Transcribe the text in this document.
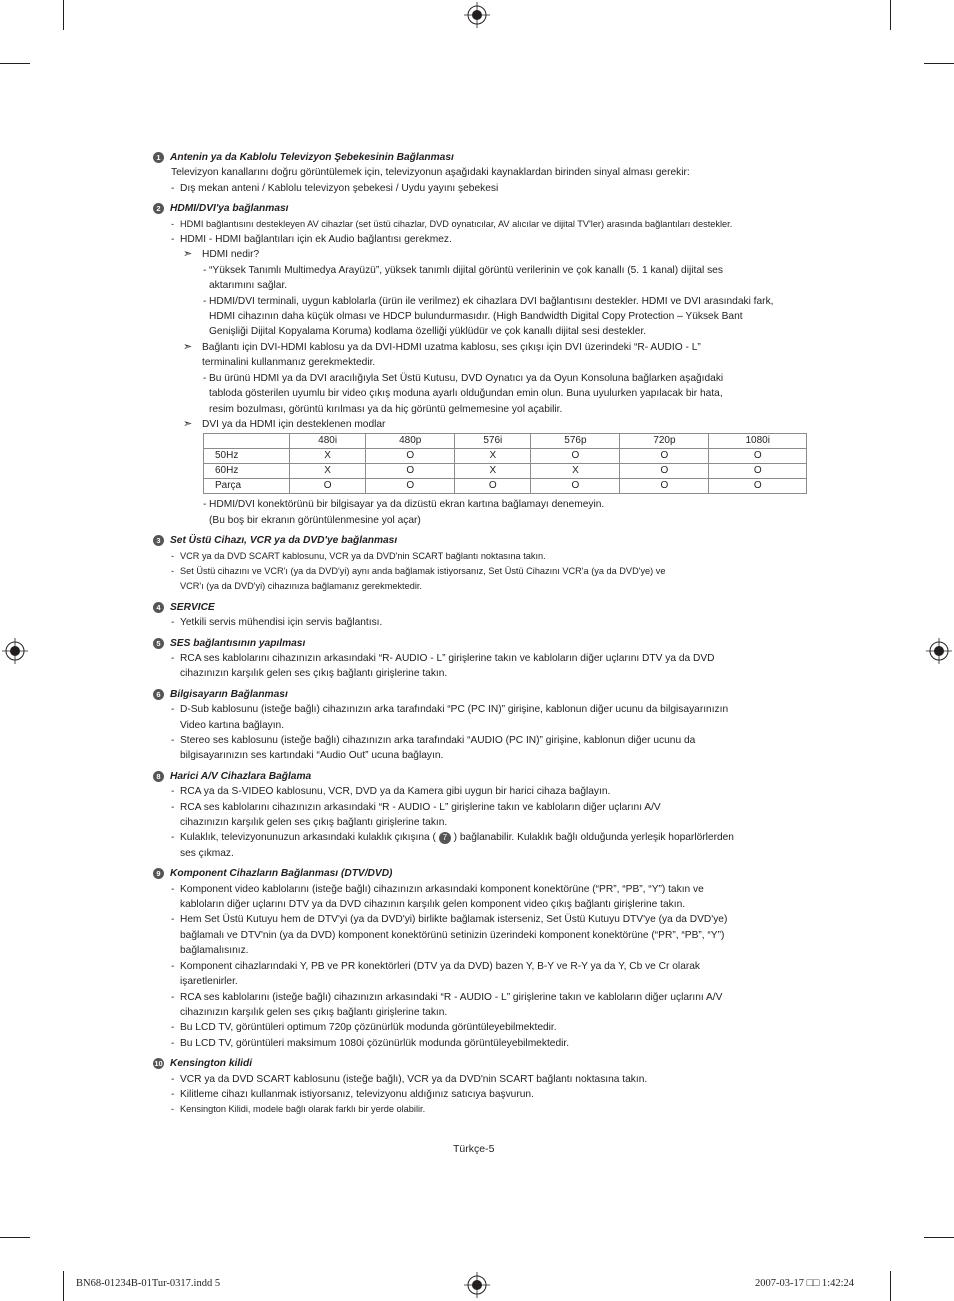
1 Antenin ya da Kablolu Televizyon Şebekesinin Bağlanması
Televizyon kanallarını doğru görüntülemek için, televizyonun aşağıdaki kaynaklardan birinden sinyal alması gerekir:
- Dış mekan anteni / Kablolu televizyon şebekesi / Uydu yayını şebekesi
2 HDMI/DVI'ya bağlanması
- HDMI bağlantısını destekleyen AV cihazlar (set üstü cihazlar, DVD oynatıcılar, AV alıcılar ve dijital TV'ler) arasında bağlantıları destekler.
- HDMI - HDMI bağlantıları için ek Audio bağlantısı gerekmez.
➣ HDMI nedir?
- “Yüksek Tanımlı Multimedya Arayüzü”, yüksek tanımlı dijital görüntü verilerinin ve çok kanallı (5. 1 kanal) dijital ses
aktarımını sağlar.
- HDMI/DVI terminali, uygun kablolarla (ürün ile verilmez) ek cihazlara DVI bağlantısını destekler. HDMI ve DVI arasındaki fark,
HDMI cihazının daha küçük olması ve HDCP bulundurmasıdır. (High Bandwidth Digital Copy Protection – Yüksek Bant
Genişliği Dijital Kopyalama Koruma) kodlama özelliği yüklüdür ve çok kanallı dijital sesi destekler.
➣ Bağlantı için DVI-HDMI kablosu ya da DVI-HDMI uzatma kablosu, ses çıkışı için DVI üzerindeki “R- AUDIO - L”
terminalini kullanmanız gerekmektedir.
- Bu ürünü HDMI ya da DVI aracılığıyla Set Üstü Kutusu, DVD Oynatıcı ya da Oyun Konsoluna bağlarken aşağıdaki
tabloda gösterilen uyumlu bir video çıkış moduna ayarlı olduğundan emin olun. Buna uyulurken yapılacak bir hata,
resim bozulması, görüntü kırılması ya da hiç görüntü gelmemesine yol açabilir.
➣ DVI ya da HDMI için desteklenen modlar
	480i	480p	576i	576p	720p	1080i
50Hz	X	O	X	O	O	O
60Hz	X	O	X	X	O	O
Parça	O	O	O	O	O	O
- HDMI/DVI konektörünü bir bilgisayar ya da dizüstü ekran kartına bağlamayı denemeyin.
(Bu boş bir ekranın görüntülenmesine yol açar)
3 Set Üstü Cihazı, VCR ya da DVD'ye bağlanması
- VCR ya da DVD SCART kablosunu, VCR ya da DVD'nin SCART bağlantı noktasına takın.
- Set Üstü cihazını ve VCR'ı (ya da DVD'yi) aynı anda bağlamak istiyorsanız, Set Üstü Cihazını VCR'a (ya da DVD'ye) ve
VCR'ı (ya da DVD'yi) cihazınıza bağlamanız gerekmektedir.
4 SERVICE
- Yetkili servis mühendisi için servis bağlantısı.
5 SES bağlantısının yapılması
- RCA ses kablolarını cihazınızın arkasındaki “R- AUDIO - L” girişlerine takın ve kabloların diğer uçlarını DTV ya da DVD
cihazınızın karşılık gelen ses çıkış bağlantı girişlerine takın.
6 Bilgisayarın Bağlanması
- D-Sub kablosunu (isteğe bağlı) cihazınızın arka tarafındaki “PC (PC IN)” girişine, kablonun diğer ucunu da bilgisayarınızın
Video kartına bağlayın.
- Stereo ses kablosunu (isteğe bağlı) cihazınızın arka tarafındaki “AUDIO (PC IN)” girişine, kablonun diğer ucunu da
bilgisayarınızın ses kartındaki “Audio Out” ucuna bağlayın.
8 Harici A/V Cihazlara Bağlama
- RCA ya da S-VIDEO kablosunu, VCR, DVD ya da Kamera gibi uygun bir harici cihaza bağlayın.
- RCA ses kablolarını cihazınızın arkasındaki “R - AUDIO - L” girişlerine takın ve kabloların diğer uçlarını A/V
cihazınızın karşılık gelen ses çıkış bağlantı girişlerine takın.
- Kulaklık, televizyonunuzun arkasındaki kulaklık çıkışına ( 7 ) bağlanabilir. Kulaklık bağlı olduğunda yerleşik hoparlörlerden
ses çıkmaz.
9 Komponent Cihazların Bağlanması (DTV/DVD)
- Komponent video kablolarını (isteğe bağlı) cihazınızın arkasındaki komponent konektörüne (“PR”, “PB”, “Y”) takın ve
kabloların diğer uçlarını DTV ya da DVD cihazının karşılık gelen komponent video çıkış bağlantı girişlerine takın.
- Hem Set Üstü Kutuyu hem de DTV'yi (ya da DVD'yi) birlikte bağlamak isterseniz, Set Üstü Kutuyu DTV'ye (ya da DVD'ye)
bağlamalı ve DTV'nin (ya da DVD) komponent konektörünü setinizin üzerindeki komponent konektörüne (“PR”, “PB”, “Y”)
bağlamalısınız.
- Komponent cihazlarındaki Y, PB ve PR konektörleri (DTV ya da DVD) bazen Y, B-Y ve R-Y ya da Y, Cb ve Cr olarak
işaretlenirler.
- RCA ses kablolarını (isteğe bağlı) cihazınızın arkasındaki “R - AUDIO - L” girişlerine takın ve kabloların diğer uçlarını A/V
cihazınızın karşılık gelen ses çıkış bağlantı girişlerine takın.
- Bu LCD TV, görüntüleri optimum 720p çözünürlük modunda görüntüleyebilmektedir.
- Bu LCD TV, görüntüleri maksimum 1080i çözünürlük modunda görüntüleyebilmektedir.
10 Kensington kilidi
- VCR ya da DVD SCART kablosunu (isteğe bağlı), VCR ya da DVD'nin SCART bağlantı noktasına takın.
- Kilitleme cihazı kullanmak istiyorsanız, televizyonu aldığınız satıcıya başvurun.
- Kensington Kilidi, modele bağlı olarak farklı bir yerde olabilir.
Türkçe-5
BN68-01234B-01Tur-0317.indd 5	2007-03-17 □□ 1:42:24
